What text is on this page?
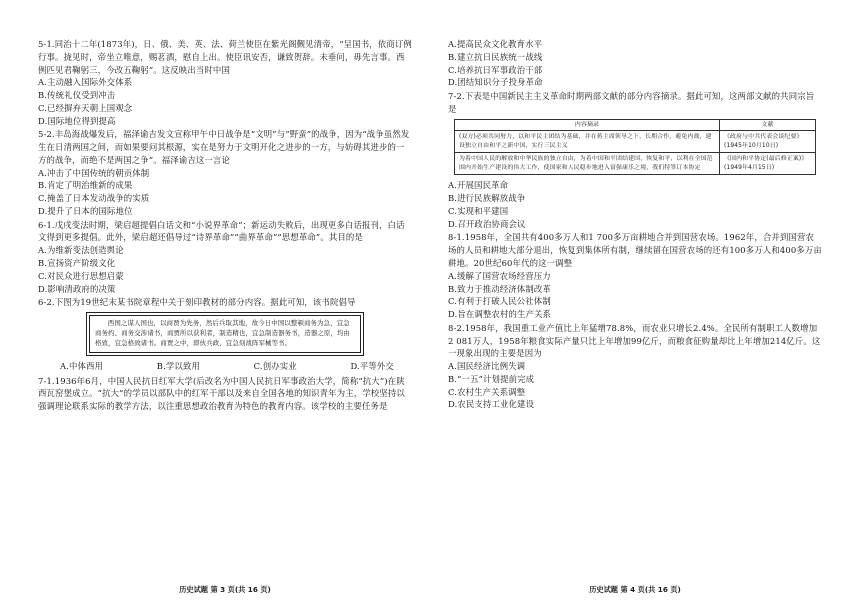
5-1.同治十二年(1873年)，日、俄、美、英、法、荷兰使臣在紫光阁觐见清帝，“呈国书，依商订例行事。拢见时，帝坐立唯意，赐茗酒，慰自上出。使臣讯安否，谦致贺辞。未垂问，毋先言事。西例匹见君鞠躬三，今改五鞠躬”。这反映出当时中国

A.主动融入国际外交体系

B.传统礼仪受到冲击

C.已经摒弃天朝上国观念

D.国际地位得到提高

5-2.丰岛海战爆发后，福泽谕吉发文宣称甲午中日战争是“文明”与“野蛮”的战争，因为“战争虽然发生在日清两国之间，而如果要问其根源，实在是努力于文明开化之进步的一方，与妨碍其进步的一方的战争，而绝不是两国之争”。福泽谕吉这一言论

A.冲击了中国传统的朝贡体制

B.肯定了明治维新的成果

C.掩盖了日本发动战争的实质

D.提升了日本的国际地位

6-1.戊戌变法时期，梁启超提倡白话文和“小说界革命”；新运动失败后，出现更多白话报刊，白话文得到更多提倡。此外，梁启超还倡导过“诗界革命”“曲界革命”“思想革命”。其目的是

A.为维新变法创造舆论

B.宣扬资产阶级文化

C.对民众进行思想启蒙

D.影响清政府的决策

6-2.下图为19世纪末某书院章程中关于刻印教材的部分内容。据此可知，该书院倡导

西国之谋人国也，以商贾为先务，然后兵取其地，故今日中国以整顿商务为急，宜急商务约、商务交涉诸书，商贾所以获利者，制造精也，宜急制造器务书，造器之原，均由格致，宜急格致诸书。商贾之中，即伙兵政，宜急刻战阵军械等书。
A.中体西用	B.学以致用	C.创办实业	D.平等外交

7-1.1936年6月，中国人民抗日红军大学(后改名为中国人民抗日军事政治大学，简称“抗大”)在陕西瓦窑堡成立。“抗大”的学员以部队中的红军干部以及来自全国各地的知识青年为主，学校坚持以强调理论联系实际的教学方法，以注重思想政治教育为特色的教育内容。该学校的主要任务是

历史试题 第 3 页(共 16 页)

A.提高民众文化教育水平

B.建立抗日民族统一战线

C.培养抗日军事政治干部

D.团结知识分子投身革命

7-2.下表是中国新民主主义革命时期两部文献的部分内容摘录。据此可知，这两部文献的共同宗旨是

内容摘录	文献
(双方)必须共同努力，以和平民主团结为基础，并在蒋主席领导之下，长期合作，避免内战，建设独立自由和平之新中国，实行三民主义	《政府与中共代表会谈纪要》(1945年10月10日)
为着中国人民的解放和中华民族的独立自由，为着中国和平团结建国，恢复和平，以利在全国范围内开始生产建设的伟大工作，使国家和人民稳步地进入富强康乐之境，我们特签订本协定	《国内和平协定(最后修正案)》(1949年4月15日)

A.开展国民革命

B.进行民族解放战争

C.实现和平建国

D.召开政治协商会议

8-1.1958年，全国共有400多万人和1 700多万亩耕地合并到国营农场。1962年，合并到国营农场的人员和耕地大部分退出，恢复到集体所有制，继续留在国营农场的还有100多万人和400多万亩耕地。20世纪60年代的这一调整

A.缓解了国营农场经营压力

B.致力于推动经济体制改革

C.有利于打破人民公社体制

D.旨在调整农村的生产关系

8-2.1958年，我国重工业产值比上年猛增78.8%，而农业只增长2.4%。全民所有制职工人数增加2 081万人，1958年粮食实际产量只比上年增加99亿斤，而粮食征购量却比上年增加214亿斤。这一现象出现的主要是因为

A.国民经济比例失调

B.“一五”计划提前完成

C.农村生产关系调整

D.农民支持工业化建设

历史试题 第 4 页(共 16 页)
